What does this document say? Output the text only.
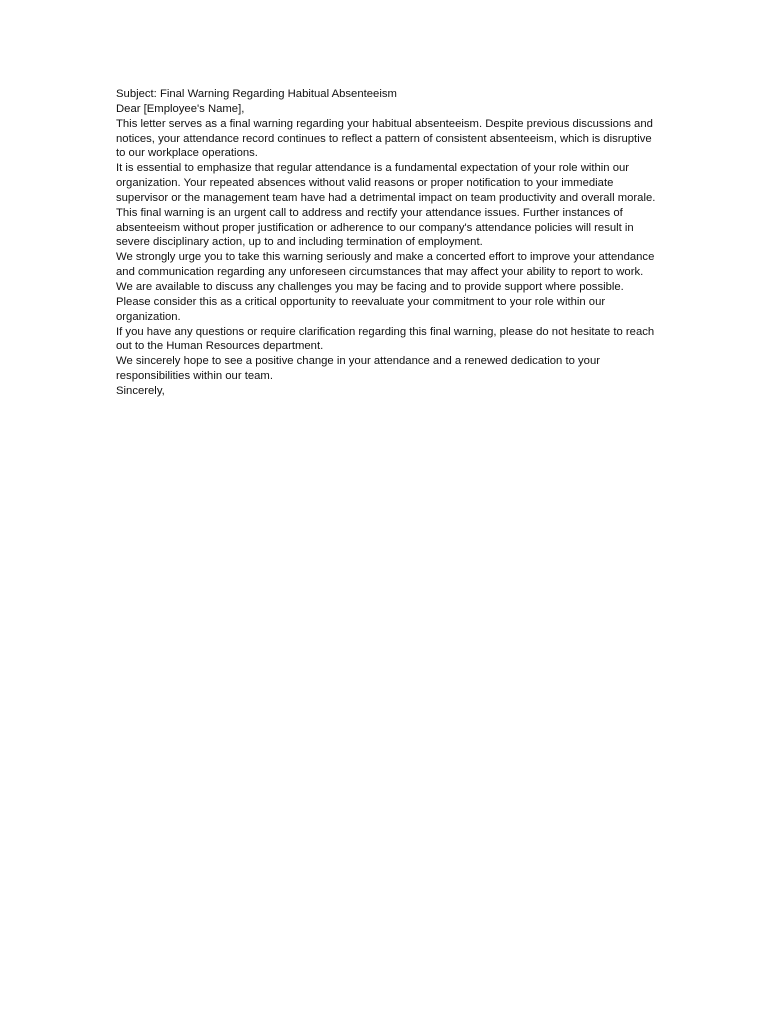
Subject: Final Warning Regarding Habitual Absenteeism

Dear [Employee's Name],

This letter serves as a final warning regarding your habitual absenteeism. Despite previous discussions and notices, your attendance record continues to reflect a pattern of consistent absenteeism, which is disruptive to our workplace operations.

It is essential to emphasize that regular attendance is a fundamental expectation of your role within our organization. Your repeated absences without valid reasons or proper notification to your immediate supervisor or the management team have had a detrimental impact on team productivity and overall morale.

This final warning is an urgent call to address and rectify your attendance issues. Further instances of absenteeism without proper justification or adherence to our company's attendance policies will result in severe disciplinary action, up to and including termination of employment.

We strongly urge you to take this warning seriously and make a concerted effort to improve your attendance and communication regarding any unforeseen circumstances that may affect your ability to report to work.

We are available to discuss any challenges you may be facing and to provide support where possible. Please consider this as a critical opportunity to reevaluate your commitment to your role within our organization.

If you have any questions or require clarification regarding this final warning, please do not hesitate to reach out to the Human Resources department.

We sincerely hope to see a positive change in your attendance and a renewed dedication to your responsibilities within our team.

Sincerely,
